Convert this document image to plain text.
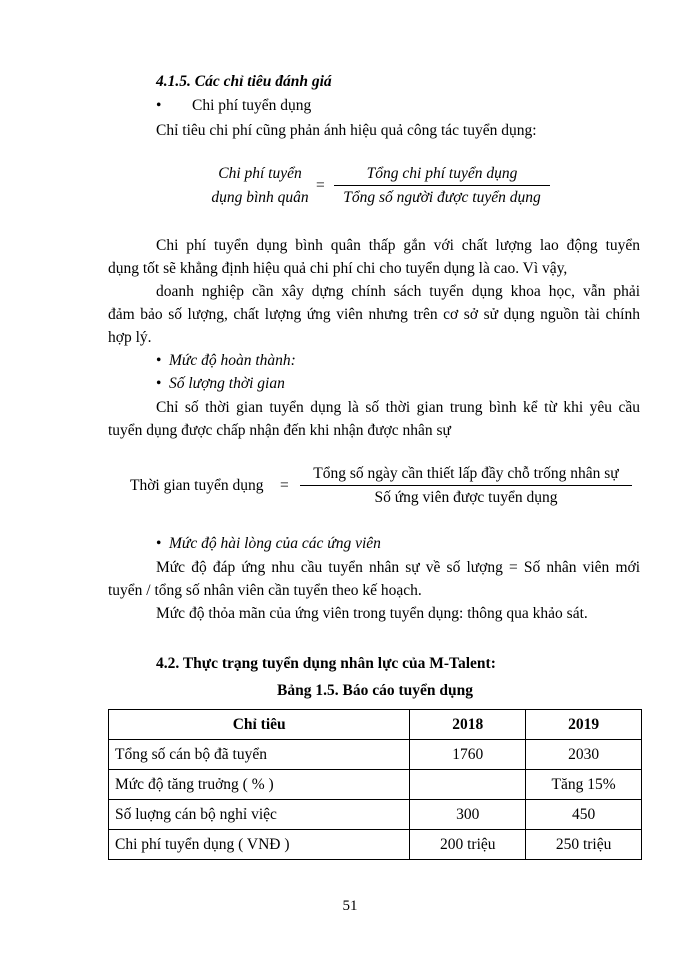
4.1.5. Các chỉ tiêu đánh giá
• Chi phí tuyển dụng
Chỉ tiêu chi phí cũng phản ánh hiệu quả công tác tuyển dụng:
Chi phí tuyển
dụng bình quân
=
Tổng chi phí tuyển dụng
Tổng số người được tuyển dụng
Chi phí tuyển dụng bình quân thấp gắn với chất lượng lao động tuyển
dụng tốt sẽ khẳng định hiệu quả chi phí chi cho tuyển dụng là cao. Vì vậy,
doanh nghiệp cần xây dựng chính sách tuyển dụng khoa học, vẫn phải
đảm bảo số lượng, chất lượng ứng viên nhưng trên cơ sở sử dụng nguồn tài chính
hợp lý.
• Mức độ hoàn thành:
• Số lượng thời gian
Chỉ số thời gian tuyển dụng là số thời gian trung bình kể từ khi yêu cầu
tuyển dụng được chấp nhận đến khi nhận được nhân sự
Thời gian tuyển dụng =
Tổng số ngày cần thiết lấp đầy chỗ trống nhân sự
Số ứng viên được tuyển dụng
• Mức độ hài lòng của các ứng viên
Mức độ đáp ứng nhu cầu tuyển nhân sự về số lượng = Số nhân viên mới
tuyển / tổng số nhân viên cần tuyển theo kế hoạch.
Mức độ thỏa mãn của ứng viên trong tuyển dụng: thông qua khảo sát.
4.2. Thực trạng tuyển dụng nhân lực của M-Talent:
Bảng 1.5. Báo cáo tuyển dụng
Chỉ tiêu	2018	2019
Tổng số cán bộ đã tuyển	1760	2030
Mức độ tăng truởng ( % )		Tăng 15%
Số luợng cán bộ nghỉ việc	300	450
Chi phí tuyển dụng ( VNĐ )	200 triệu	250 triệu
51
